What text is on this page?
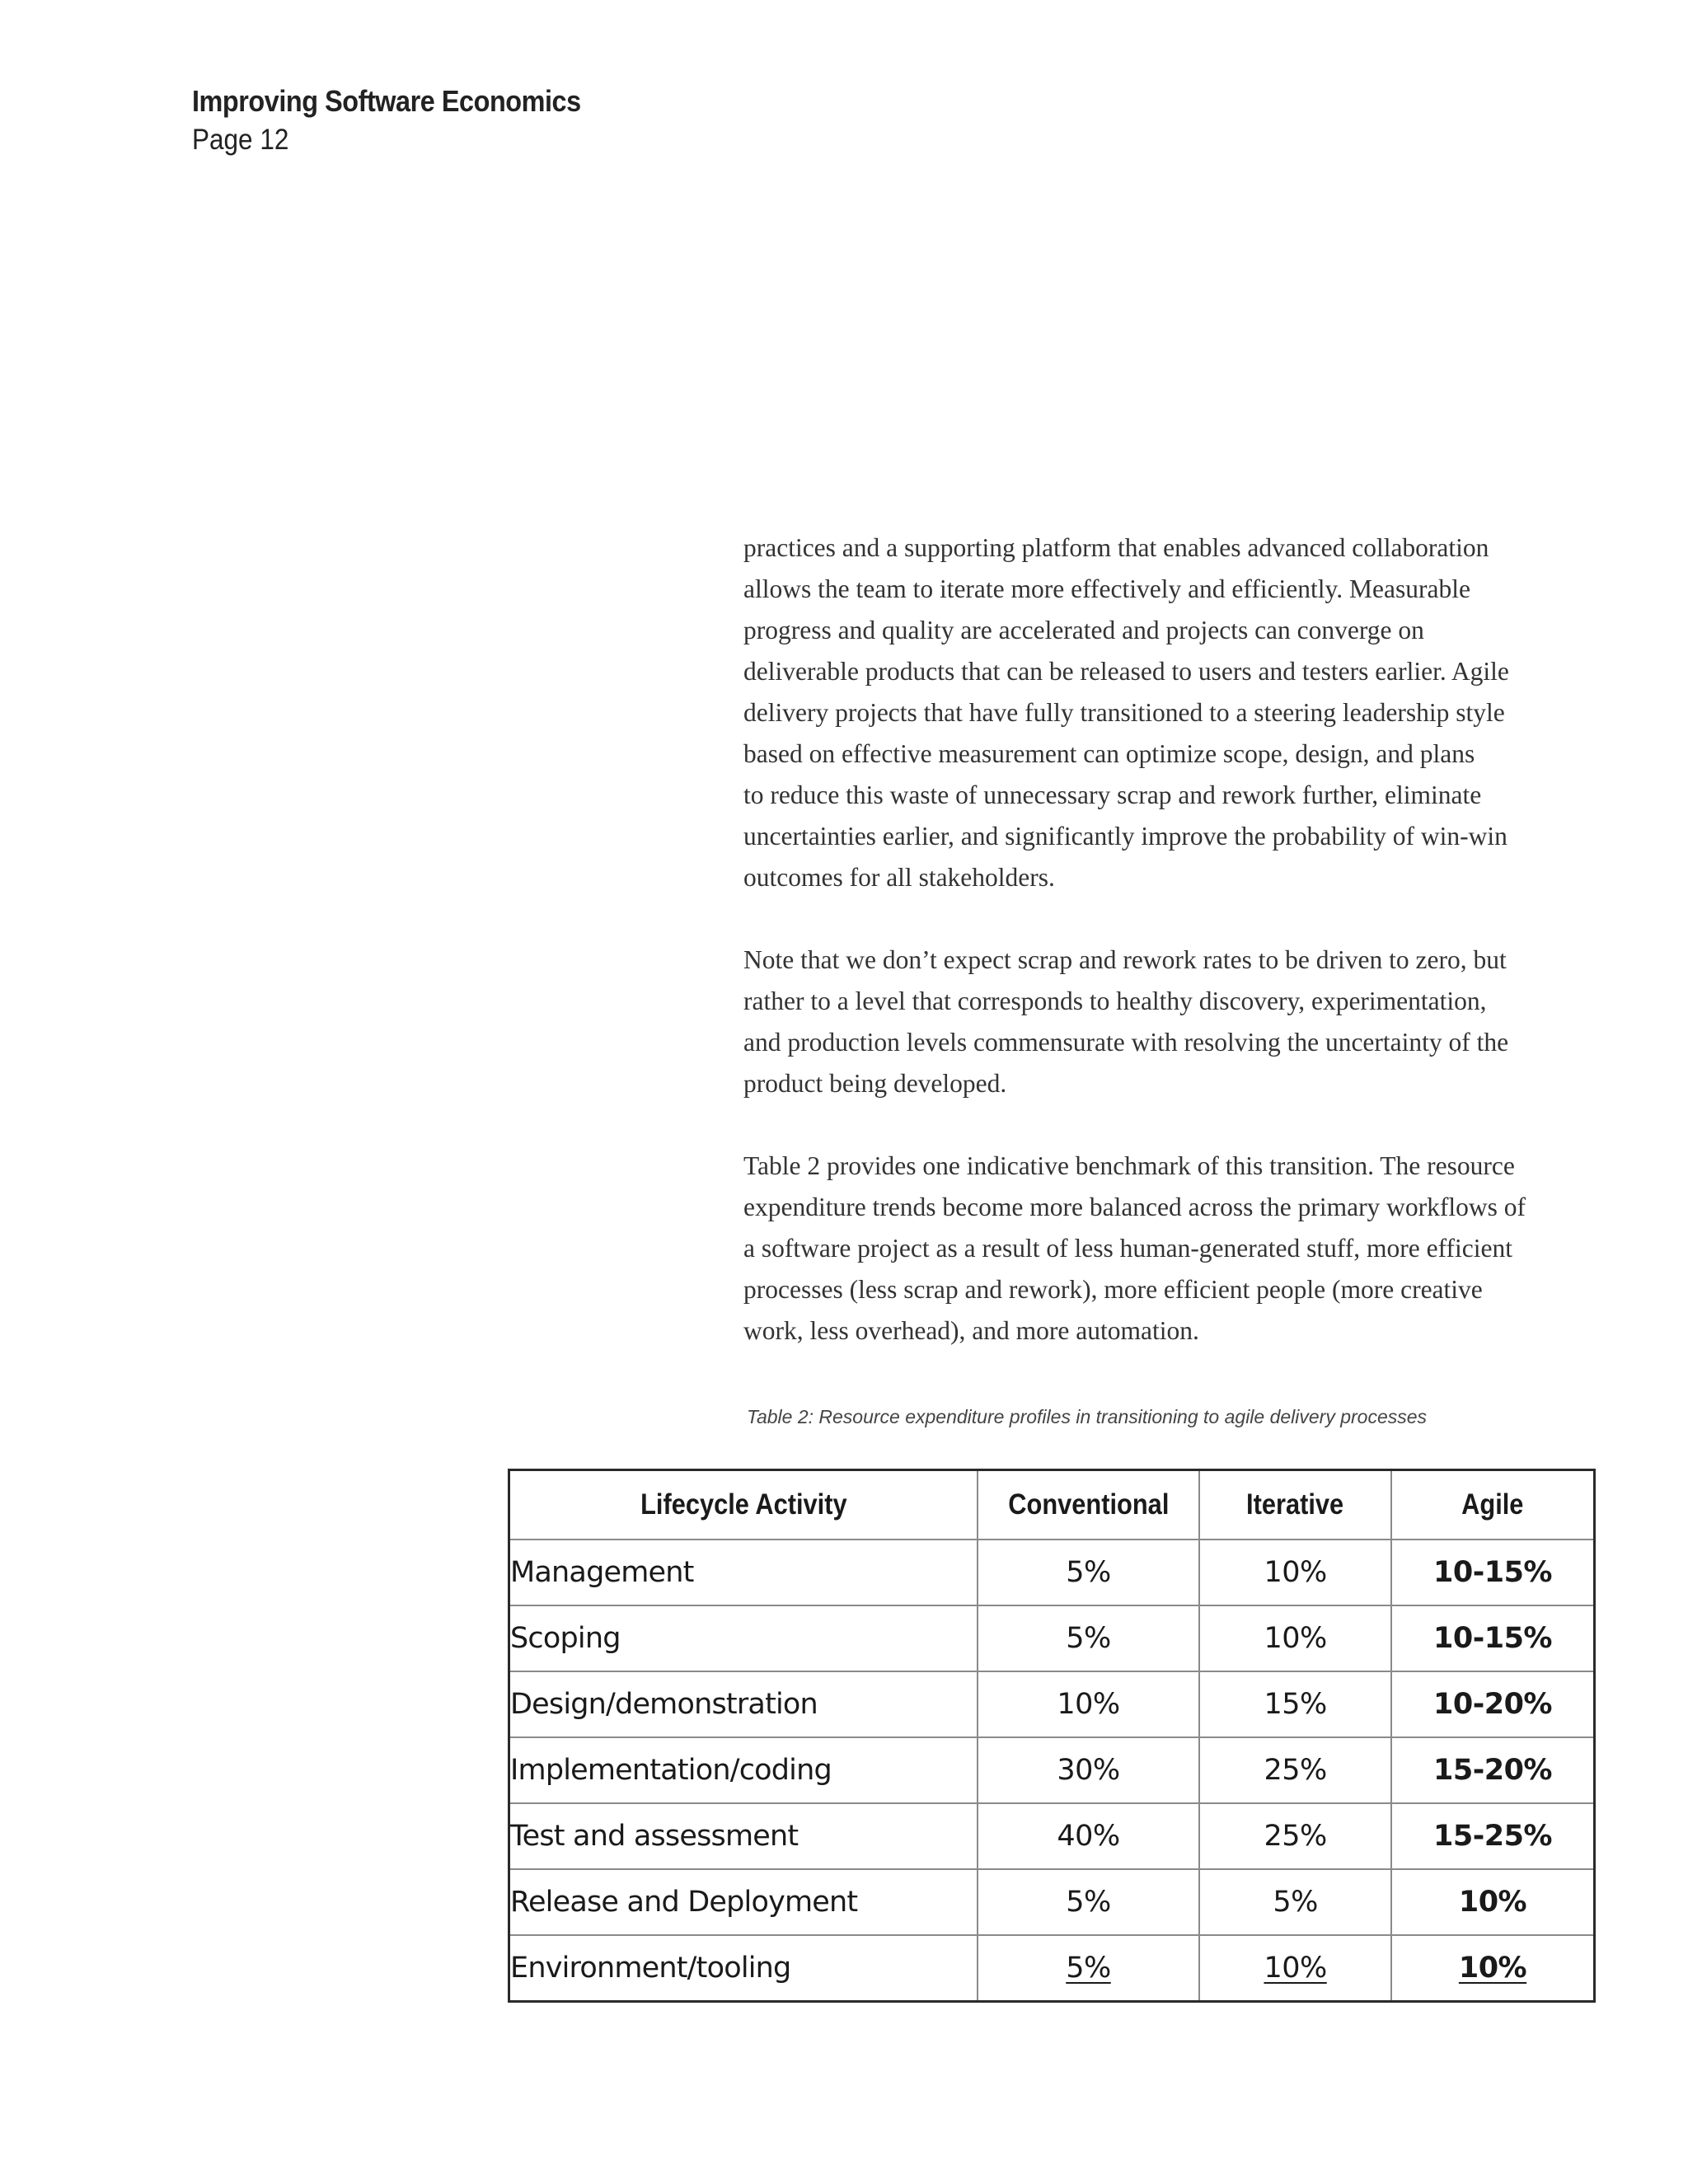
Improving Software Economics
Page 12
practices and a supporting platform that enables advanced collaboration
allows the team to iterate more effectively and efficiently. Measurable
progress and quality are accelerated and projects can converge on
deliverable products that can be released to users and testers earlier. Agile
delivery projects that have fully transitioned to a steering leadership style
based on effective measurement can optimize scope, design, and plans
to reduce this waste of unnecessary scrap and rework further, eliminate
uncertainties earlier, and significantly improve the probability of win-win
outcomes for all stakeholders.
Note that we don’t expect scrap and rework rates to be driven to zero, but
rather to a level that corresponds to healthy discovery, experimentation,
and production levels commensurate with resolving the uncertainty of the
product being developed.
Table 2 provides one indicative benchmark of this transition. The resource
expenditure trends become more balanced across the primary workflows of
a software project as a result of less human-generated stuff, more efficient
processes (less scrap and rework), more efficient people (more creative
work, less overhead), and more automation.
Table 2: Resource expenditure profiles in transitioning to agile delivery processes
Lifecycle Activity	Conventional	Iterative	Agile
Management	5%	10%	10-15%
Scoping	5%	10%	10-15%
Design/demonstration	10%	15%	10-20%
Implementation/coding	30%	25%	15-20%
Test and assessment	40%	25%	15-25%
Release and Deployment	5%	5%	10%
Environment/tooling	5%	10%	10%
